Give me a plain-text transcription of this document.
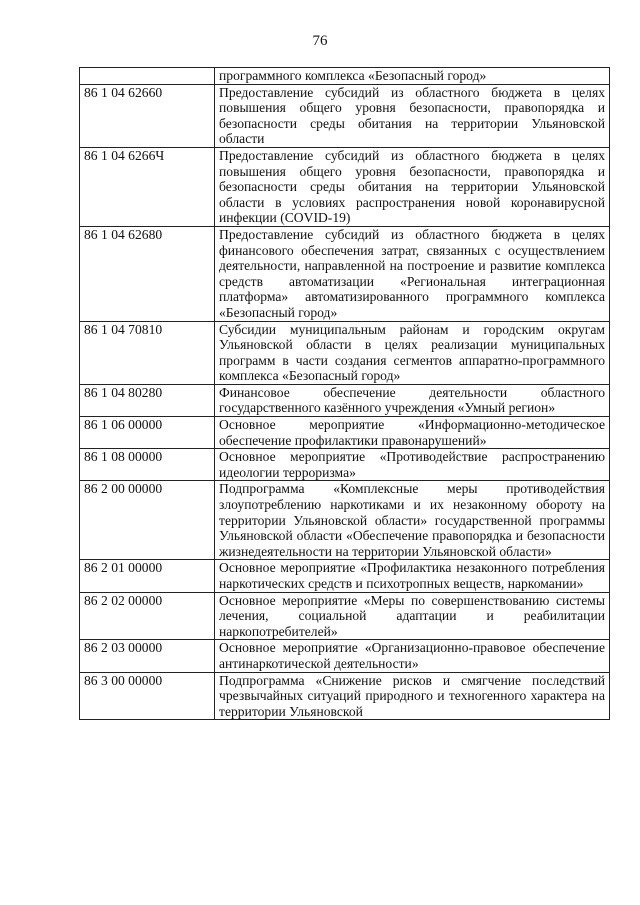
76
	программного комплекса «Безопасный город»
86 1 04 62660	Предоставление субсидий из областного бюджета в целях повышения общего уровня безопасности, правопорядка и безопасности среды обитания на территории Ульяновской области
86 1 04 6266Ч	Предоставление субсидий из областного бюджета в целях повышения общего уровня безопасности, правопорядка и безопасности среды обитания на территории Ульяновской области в условиях распространения новой коронавирусной инфекции (COVID-19)
86 1 04 62680	Предоставление субсидий из областного бюджета в целях финансового обеспечения затрат, связанных с осуществлением деятельности, направленной на построение и развитие комплекса средств автоматизации «Региональная интеграционная платформа» автоматизированного программного комплекса «Безопасный город»
86 1 04 70810	Субсидии муниципальным районам и городским округам Ульяновской области в целях реализации муниципальных программ в части создания сегментов аппаратно-программного комплекса «Безопасный город»
86 1 04 80280	Финансовое обеспечение деятельности областного государственного казённого учреждения «Умный регион»
86 1 06 00000	Основное мероприятие «Информационно-методическое обеспечение профилактики правонарушений»
86 1 08 00000	Основное мероприятие «Противодействие распространению идеологии терроризма»
86 2 00 00000	Подпрограмма «Комплексные меры противодействия злоупотреблению наркотиками и их незаконному обороту на территории Ульяновской области» государственной программы Ульяновской области «Обеспечение правопорядка и безопасности жизнедеятельности на территории Ульяновской области»
86 2 01 00000	Основное мероприятие «Профилактика незаконного потребления наркотических средств и психотропных веществ, наркомании»
86 2 02 00000	Основное мероприятие «Меры по совершенствованию системы лечения, социальной адаптации и реабилитации наркопотребителей»
86 2 03 00000	Основное мероприятие «Организационно-правовое обеспечение антинаркотической деятельности»
86 3 00 00000	Подпрограмма «Снижение рисков и смягчение последствий чрезвычайных ситуаций природного и техногенного характера на территории Ульяновской
